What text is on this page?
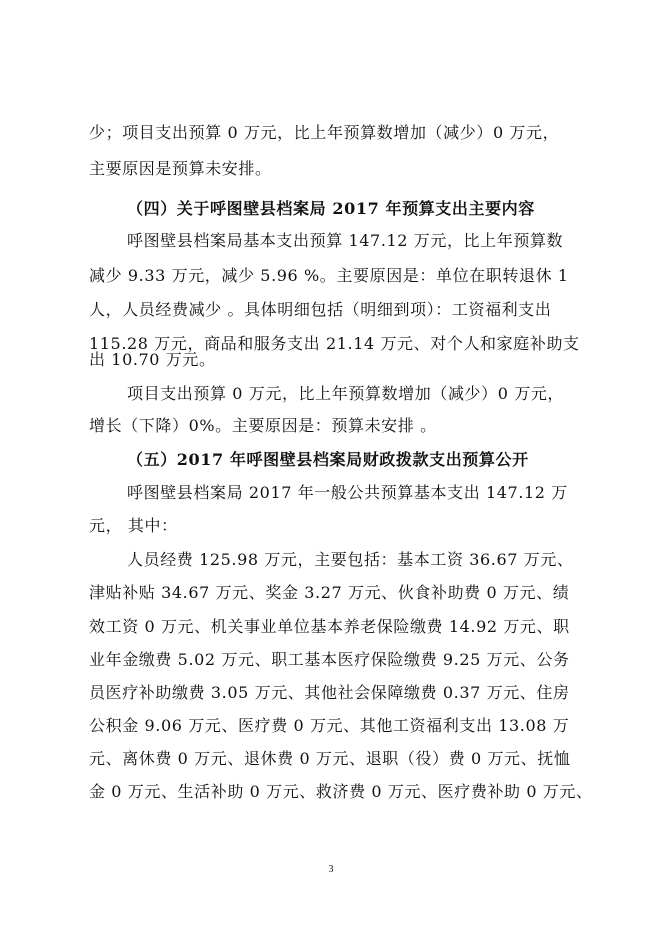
少；项目支出预算 0 万元，比上年预算数增加（减少）0 万元，
主要原因是预算未安排。
（四）关于呼图壁县档案局 2017 年预算支出主要内容
呼图壁县档案局基本支出预算 147.12 万元，比上年预算数
减少 9.33 万元，减少 5.96 %。主要原因是：单位在职转退休 1
人，人员经费减少 。具体明细包括（明细到项）：工资福利支出
115.28 万元，商品和服务支出 21.14 万元、对个人和家庭补助支
出 10.70 万元。
项目支出预算 0 万元，比上年预算数增加（减少）0 万元，
增长（下降）0%。主要原因是：预算未安排 。
（五）2017 年呼图壁县档案局财政拨款支出预算公开
呼图壁县档案局 2017 年一般公共预算基本支出 147.12 万
元， 其中：
人员经费 125.98 万元，主要包括：基本工资 36.67 万元、
津贴补贴 34.67 万元、奖金 3.27 万元、伙食补助费 0 万元、绩
效工资 0 万元、机关事业单位基本养老保险缴费 14.92 万元、职
业年金缴费 5.02 万元、职工基本医疗保险缴费 9.25 万元、公务
员医疗补助缴费 3.05 万元、其他社会保障缴费 0.37 万元、住房
公积金 9.06 万元、医疗费 0 万元、其他工资福利支出 13.08 万
元、离休费 0 万元、退休费 0 万元、退职（役）费 0 万元、抚恤
金 0 万元、生活补助 0 万元、救济费 0 万元、医疗费补助 0 万元、
3
